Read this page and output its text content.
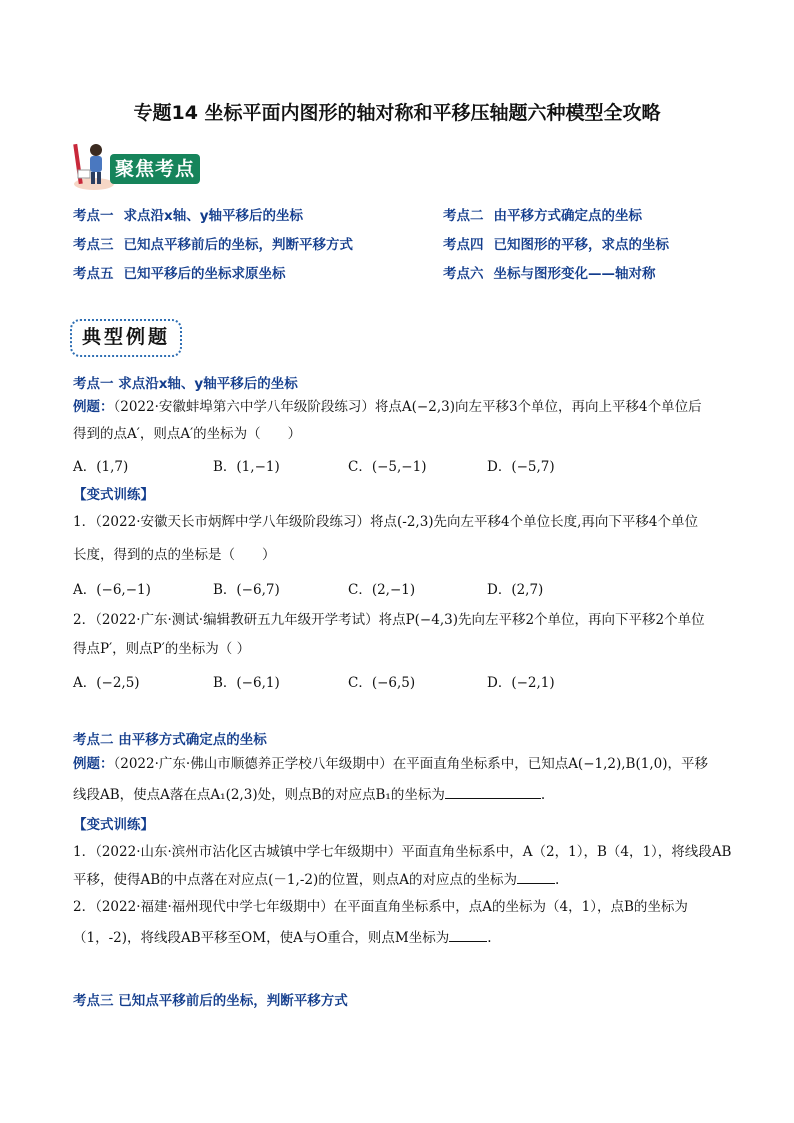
专题14 坐标平面内图形的轴对称和平移压轴题六种模型全攻略
聚焦考点
考点一 求点沿x轴、y轴平移后的坐标	考点二 由平移方式确定点的坐标
考点三 已知点平移前后的坐标，判断平移方式	考点四 已知图形的平移，求点的坐标
考点五 已知平移后的坐标求原坐标	考点六 坐标与图形变化——轴对称
典型例题
考点一 求点沿x轴、y轴平移后的坐标
例题：（2022·安徽蚌埠第六中学八年级阶段练习）将点A(−2,3)向左平移3个单位，再向上平移4个单位后
得到的点A′，则点A′的坐标为（　　）
A．(1,7)	B．(1,−1)	C．(−5,−1)	D．(−5,7)
【变式训练】
1．（2022·安徽天长市炳辉中学八年级阶段练习）将点(-2,3)先向左平移4个单位长度,再向下平移4个单位
长度，得到的点的坐标是（　　）
A．(−6,−1)	B．(−6,7)	C．(2,−1)	D．(2,7)
2．（2022·广东·测试·编辑教研五九年级开学考试）将点P(−4,3)先向左平移2个单位，再向下平移2个单位
得点P′，则点P′的坐标为（ ）
A．(−2,5)	B．(−6,1)	C．(−6,5)	D．(−2,1)
考点二 由平移方式确定点的坐标
例题：（2022·广东·佛山市顺德养正学校八年级期中）在平面直角坐标系中，已知点A(−1,2),B(1,0)，平移
线段AB，使点A落在点A₁(2,3)处，则点B的对应点B₁的坐标为	.
【变式训练】
1．（2022·山东·滨州市沾化区古城镇中学七年级期中）平面直角坐标系中，A（2，1），B（4，1），将线段AB
平移，使得AB的中点落在对应点(－1,-2)的位置，则点A的对应点的坐标为	.
2．（2022·福建·福州现代中学七年级期中）在平面直角坐标系中，点A的坐标为（4，1），点B的坐标为
（1，-2)，将线段AB平移至OM，使A与O重合，则点M坐标为	.
考点三 已知点平移前后的坐标，判断平移方式
